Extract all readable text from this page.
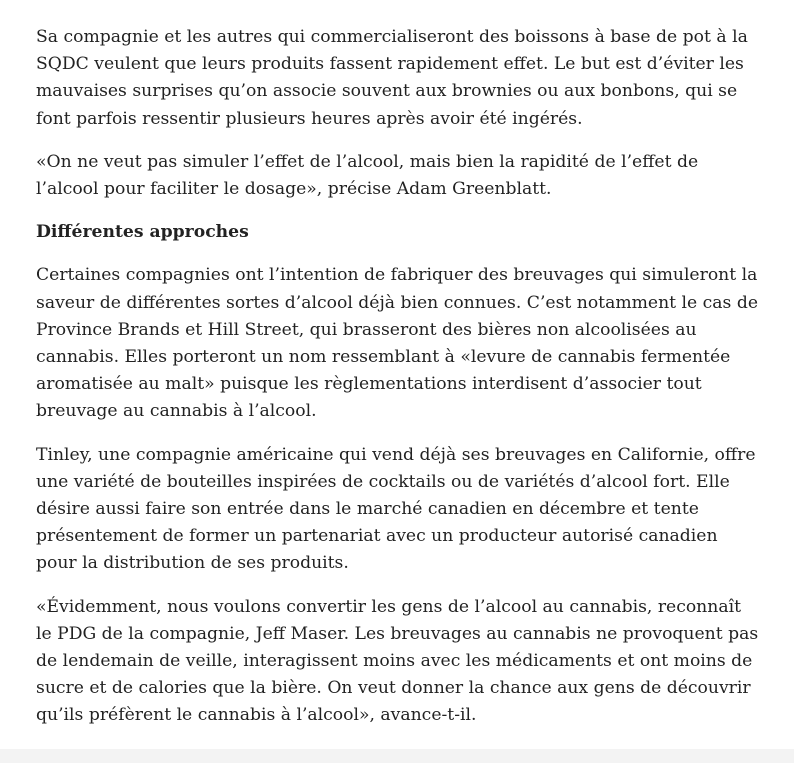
Sa compagnie et les autres qui commercialiseront des boissons à base de pot à la SQDC veulent que leurs produits fassent rapidement effet. Le but est d’éviter les mauvaises surprises qu’on associe souvent aux brownies ou aux bonbons, qui se font parfois ressentir plusieurs heures après avoir été ingérés.

«On ne veut pas simuler l’effet de l’alcool, mais bien la rapidité de l’effet de l’alcool pour faciliter le dosage», précise Adam Greenblatt.

Différentes approches

Certaines compagnies ont l’intention de fabriquer des breuvages qui simuleront la saveur de différentes sortes d’alcool déjà bien connues. C’est notamment le cas de Province Brands et Hill Street, qui brasseront des bières non alcoolisées au cannabis. Elles porteront un nom ressemblant à «levure de cannabis fermentée aromatisée au malt» puisque les règlementations interdisent d’associer tout breuvage au cannabis à l’alcool.

Tinley, une compagnie américaine qui vend déjà ses breuvages en Californie, offre une variété de bouteilles inspirées de cocktails ou de variétés d’alcool fort. Elle désire aussi faire son entrée dans le marché canadien en décembre et tente présentement de former un partenariat avec un producteur autorisé canadien pour la distribution de ses produits.

«Évidemment, nous voulons convertir les gens de l’alcool au cannabis, reconnaît le PDG de la compagnie, Jeff Maser. Les breuvages au cannabis ne provoquent pas de lendemain de veille, interagissent moins avec les médicaments et ont moins de sucre et de calories que la bière. On veut donner la chance aux gens de découvrir qu’ils préfèrent le cannabis à l’alcool», avance-t-il.
